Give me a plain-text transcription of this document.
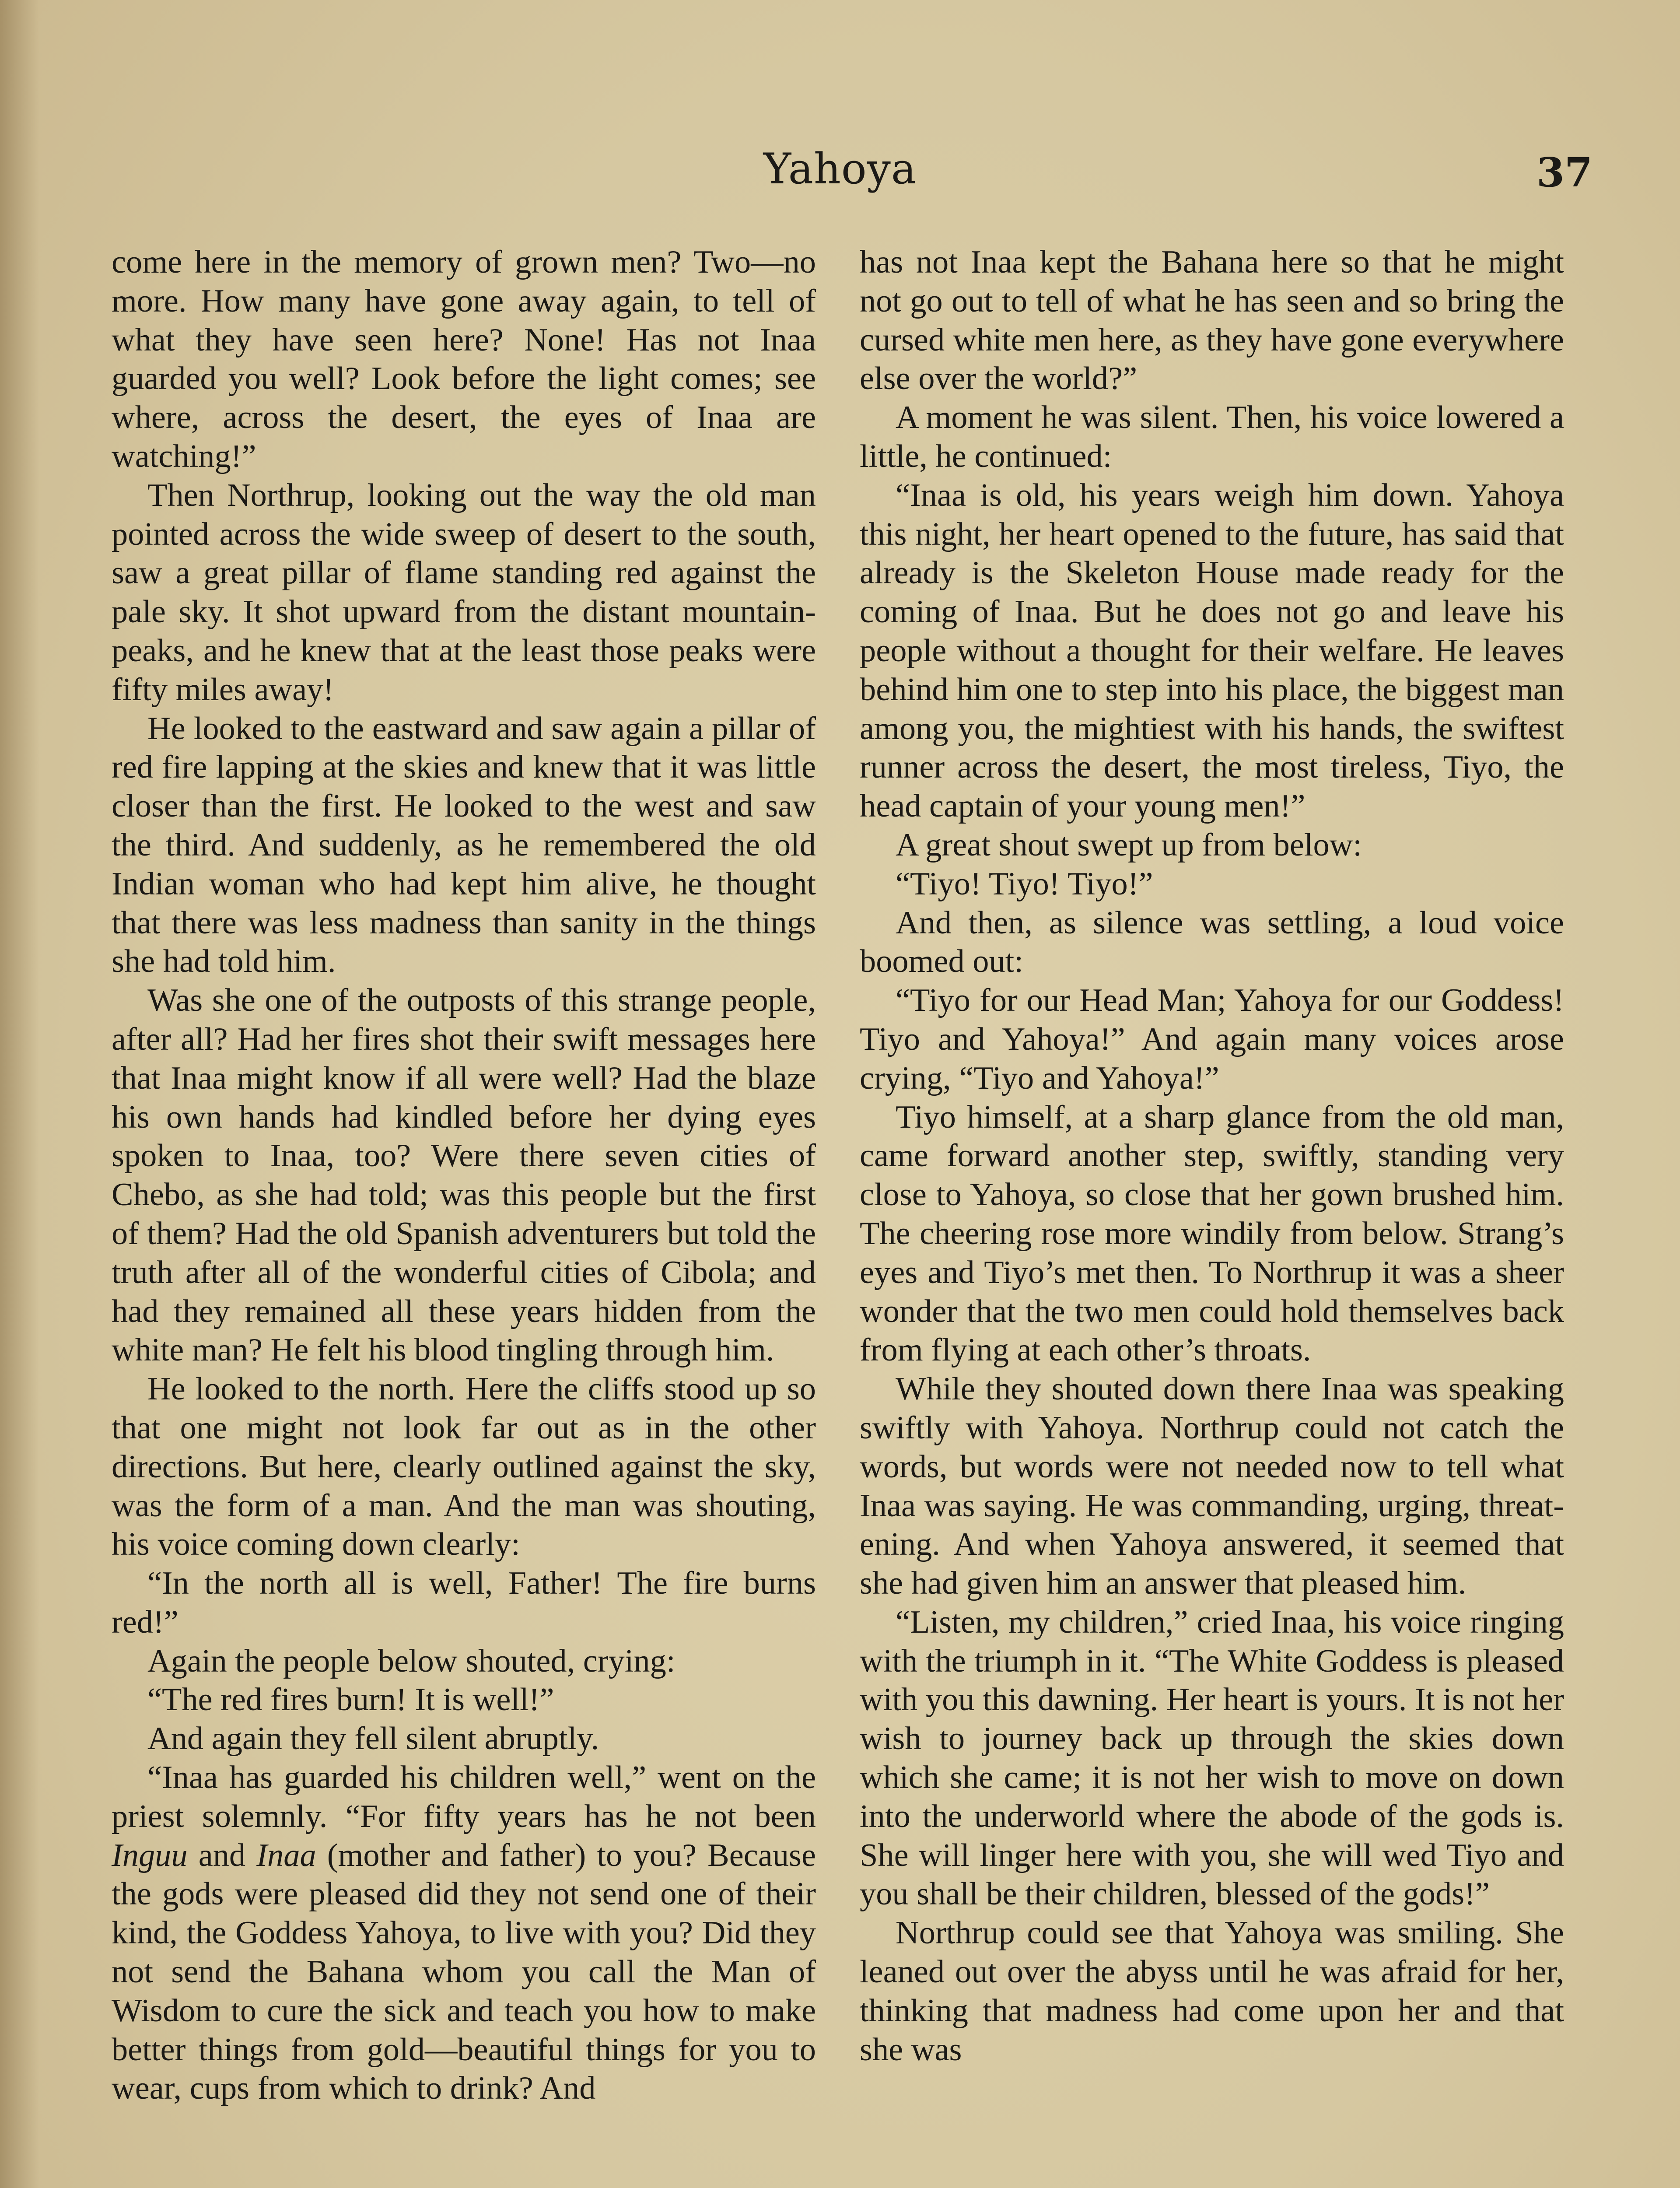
Yahoya	37

come here in the memory of grown men? Two—no more. How many have gone away again, to tell of what they have seen here? None! Has not Inaa guarded you well? Look before the light comes; see where, across the desert, the eyes of Inaa are watching!”

Then Northrup, looking out the way the old man pointed across the wide sweep of desert to the south, saw a great pillar of flame standing red against the pale sky. It shot upward from the distant mountainpeaks, and he knew that at the least those peaks were fifty miles away!

He looked to the eastward and saw again a pillar of red fire lapping at the skies and knew that it was little closer than the first. He looked to the west and saw the third. And suddenly, as he remembered the old Indian woman who had kept him alive, he thought that there was less madness than sanity in the things she had told him.

Was she one of the outposts of this strange people, after all? Had her fires shot their swift messages here that Inaa might know if all were well? Had the blaze his own hands had kindled before her dying eyes spoken to Inaa, too? Were there seven cities of Chebo, as she had told; was this people but the first of them? Had the old Spanish adventurers but told the truth after all of the wonderful cities of Cibola; and had they remained all these years hidden from the white man? He felt his blood tingling through him.

He looked to the north. Here the cliffs stood up so that one might not look far out as in the other directions. But here, clearly outlined against the sky, was the form of a man. And the man was shouting, his voice coming down clearly:

“In the north all is well, Father! The fire burns red!”

Again the people below shouted, crying:

“The red fires burn! It is well!”

And again they fell silent abruptly.

“Inaa has guarded his children well,” went on the priest solemnly. “For fifty years has he not been Inguu and Inaa (mother and father) to you? Because the gods were pleased did they not send one of their kind, the Goddess Yahoya, to live with you? Did they not send the Bahana whom you call the Man of Wisdom to cure the sick and teach you how to make better things from gold—beautiful things for you to wear, cups from which to drink? And

has not Inaa kept the Bahana here so that he might not go out to tell of what he has seen and so bring the cursed white men here, as they have gone everywhere else over the world?”

A moment he was silent. Then, his voice lowered a little, he continued:

“Inaa is old, his years weigh him down. Yahoya this night, her heart opened to the future, has said that already is the Skeleton House made ready for the coming of Inaa. But he does not go and leave his people without a thought for their welfare. He leaves behind him one to step into his place, the biggest man among you, the mightiest with his hands, the swiftest runner across the desert, the most tireless, Tiyo, the head captain of your young men!”

A great shout swept up from below:

“Tiyo! Tiyo! Tiyo!”

And then, as silence was settling, a loud voice boomed out:

“Tiyo for our Head Man; Yahoya for our Goddess! Tiyo and Yahoya!” And again many voices arose crying, “Tiyo and Yahoya!”

Tiyo himself, at a sharp glance from the old man, came forward another step, swiftly, standing very close to Yahoya, so close that her gown brushed him. The cheering rose more windily from below. Strang’s eyes and Tiyo’s met then. To Northrup it was a sheer wonder that the two men could hold themselves back from flying at each other’s throats.

While they shouted down there Inaa was speaking swiftly with Yahoya. Northrup could not catch the words, but words were not needed now to tell what Inaa was saying. He was commanding, urging, threatening. And when Yahoya answered, it seemed that she had given him an answer that pleased him.

“Listen, my children,” cried Inaa, his voice ringing with the triumph in it. “The White Goddess is pleased with you this dawning. Her heart is yours. It is not her wish to journey back up through the skies down which she came; it is not her wish to move on down into the underworld where the abode of the gods is. She will linger here with you, she will wed Tiyo and you shall be their children, blessed of the gods!”

Northrup could see that Yahoya was smiling. She leaned out over the abyss until he was afraid for her, thinking that madness had come upon her and that she was
